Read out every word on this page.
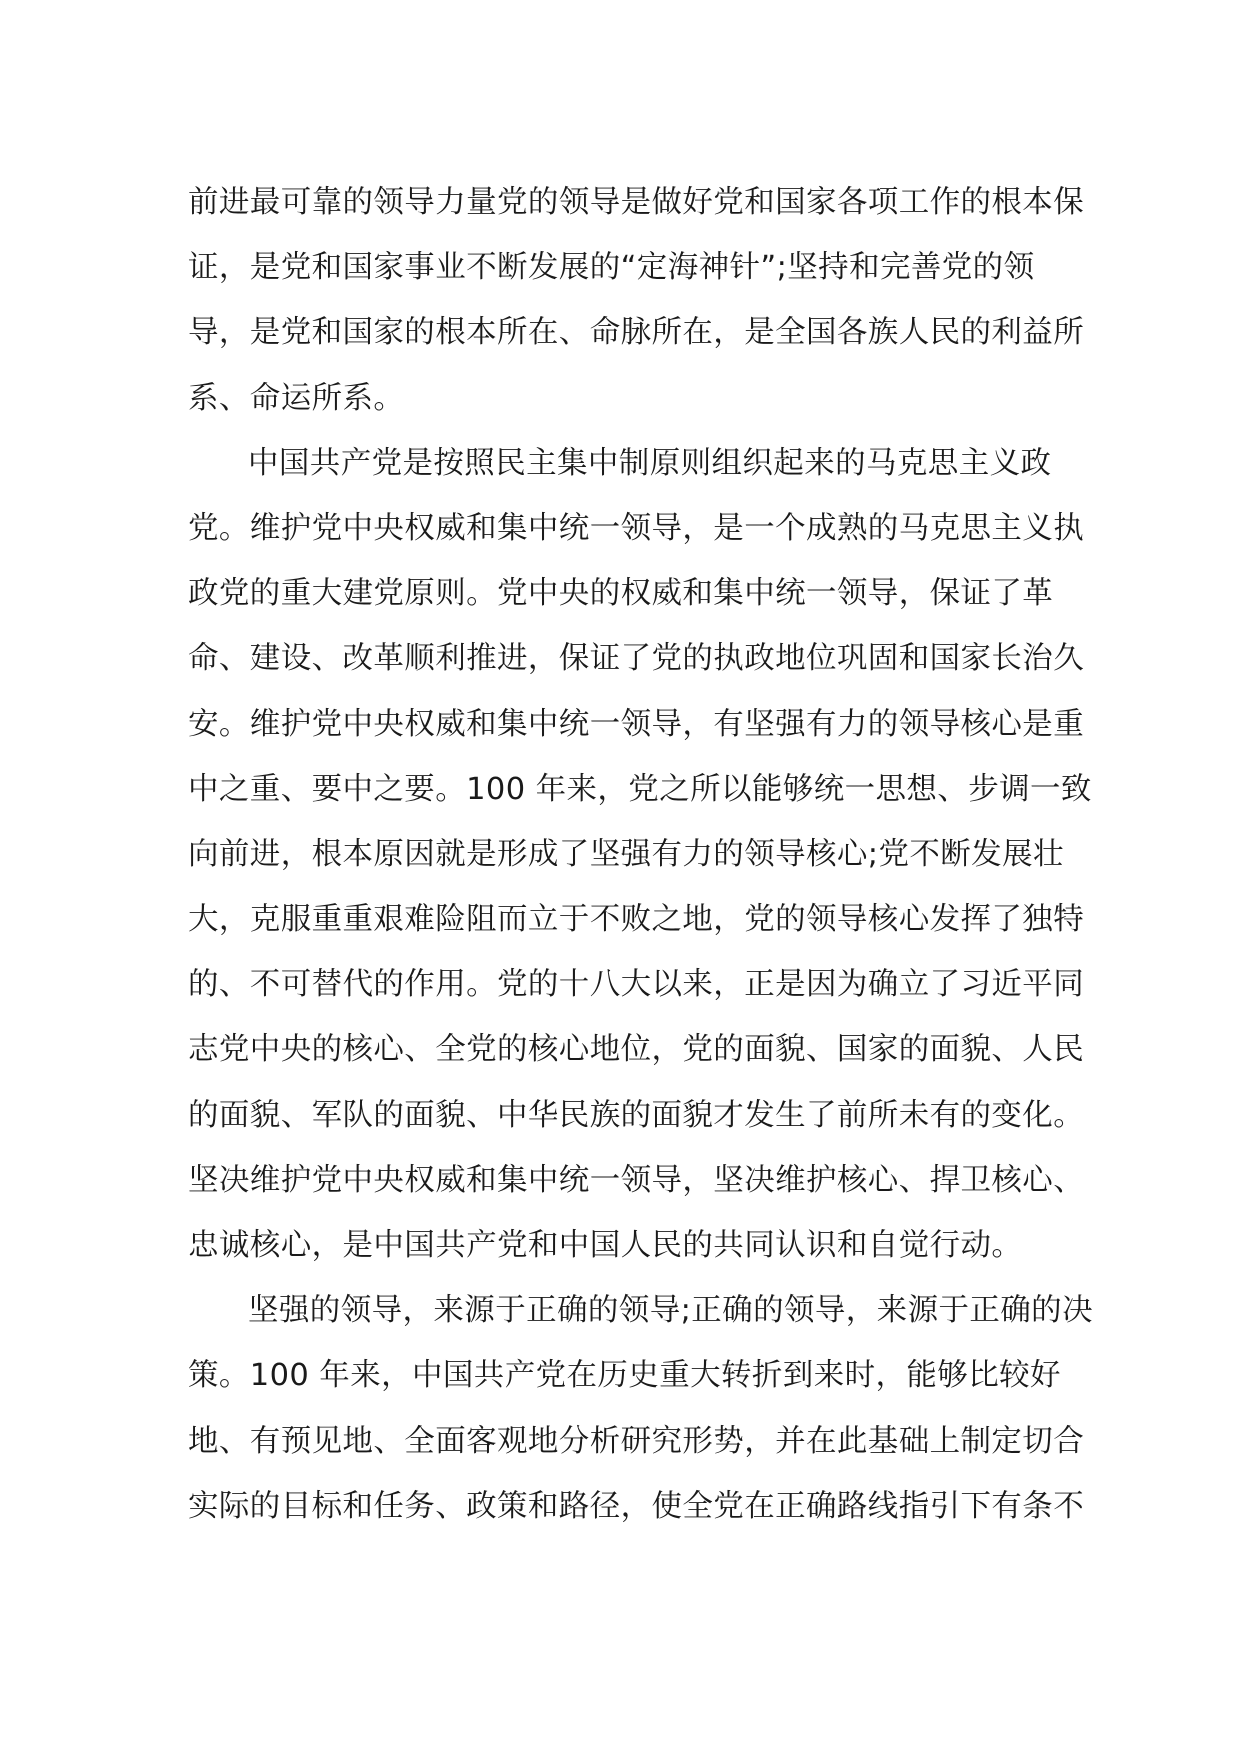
前进最可靠的领导力量党的领导是做好党和国家各项工作的根本保
证，是党和国家事业不断发展的“定海神针”;坚持和完善党的领
导，是党和国家的根本所在、命脉所在，是全国各族人民的利益所
系、命运所系。
中国共产党是按照民主集中制原则组织起来的马克思主义政
党。维护党中央权威和集中统一领导，是一个成熟的马克思主义执
政党的重大建党原则。党中央的权威和集中统一领导，保证了革
命、建设、改革顺利推进，保证了党的执政地位巩固和国家长治久
安。维护党中央权威和集中统一领导，有坚强有力的领导核心是重
中之重、要中之要。100 年来，党之所以能够统一思想、步调一致
向前进，根本原因就是形成了坚强有力的领导核心;党不断发展壮
大，克服重重艰难险阻而立于不败之地，党的领导核心发挥了独特
的、不可替代的作用。党的十八大以来，正是因为确立了习近平同
志党中央的核心、全党的核心地位，党的面貌、国家的面貌、人民
的面貌、军队的面貌、中华民族的面貌才发生了前所未有的变化。
坚决维护党中央权威和集中统一领导，坚决维护核心、捍卫核心、
忠诚核心，是中国共产党和中国人民的共同认识和自觉行动。
坚强的领导，来源于正确的领导;正确的领导，来源于正确的决
策。100 年来，中国共产党在历史重大转折到来时，能够比较好
地、有预见地、全面客观地分析研究形势，并在此基础上制定切合
实际的目标和任务、政策和路径，使全党在正确路线指引下有条不
